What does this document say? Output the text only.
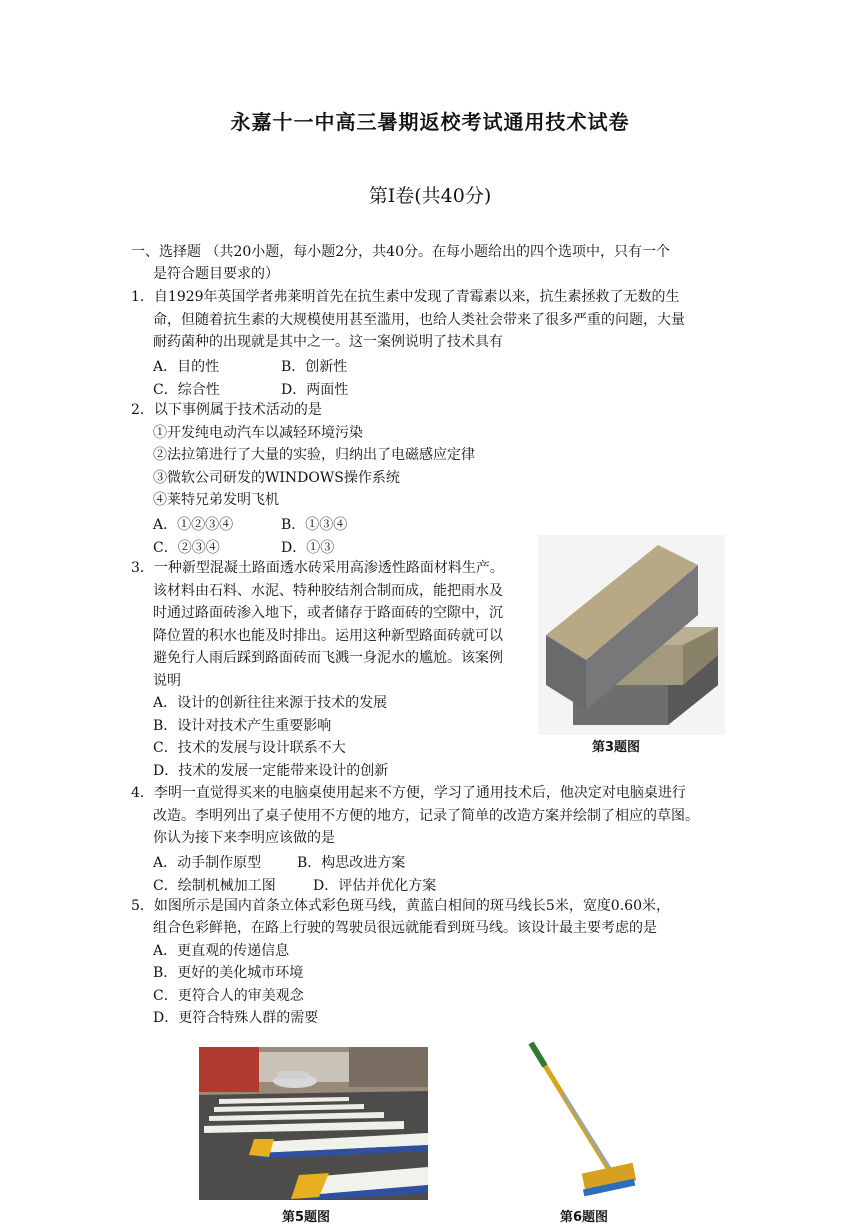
永嘉十一中高三暑期返校考试通用技术试卷
第Ⅰ卷(共40分)
一、选择题 （共20小题，每小题2分，共40分。在每小题给出的四个选项中，只有一个
是符合题目要求的）
1．自1929年英国学者弗莱明首先在抗生素中发现了青霉素以来，抗生素拯救了无数的生
命，但随着抗生素的大规模使用甚至滥用，也给人类社会带来了很多严重的问题，大量
耐药菌种的出现就是其中之一。这一案例说明了技术具有
A．目的性	B．创新性
C．综合性	D．两面性
2．以下事例属于技术活动的是
①开发纯电动汽车以减轻环境污染
②法拉第进行了大量的实验，归纳出了电磁感应定律
③微软公司研发的WINDOWS操作系统
④莱特兄弟发明飞机
A．①②③④	B．①③④
C．②③④	D．①③
3．一种新型混凝土路面透水砖采用高渗透性路面材料生产。
该材料由石料、水泥、特种胶结剂合制而成，能把雨水及
时通过路面砖渗入地下，或者储存于路面砖的空隙中，沉
降位置的积水也能及时排出。运用这种新型路面砖就可以
避免行人雨后踩到路面砖而飞溅一身泥水的尴尬。该案例
说明
A．设计的创新往往来源于技术的发展
B．设计对技术产生重要影响
C．技术的发展与设计联系不大
D．技术的发展一定能带来设计的创新
第3题图
4．李明一直觉得买来的电脑桌使用起来不方便，学习了通用技术后，他决定对电脑桌进行
改造。李明列出了桌子使用不方便的地方，记录了简单的改造方案并绘制了相应的草图。
你认为接下来李明应该做的是
A．动手制作原型	B．构思改进方案
C．绘制机械加工图	D．评估并优化方案
5．如图所示是国内首条立体式彩色斑马线，黄蓝白相间的斑马线长5米，宽度0.60米，
组合色彩鲜艳，在路上行驶的驾驶员很远就能看到斑马线。该设计最主要考虑的是
A．更直观的传递信息
B．更好的美化城市环境
C．更符合人的审美观念
D．更符合特殊人群的需要
第5题图	第6题图
